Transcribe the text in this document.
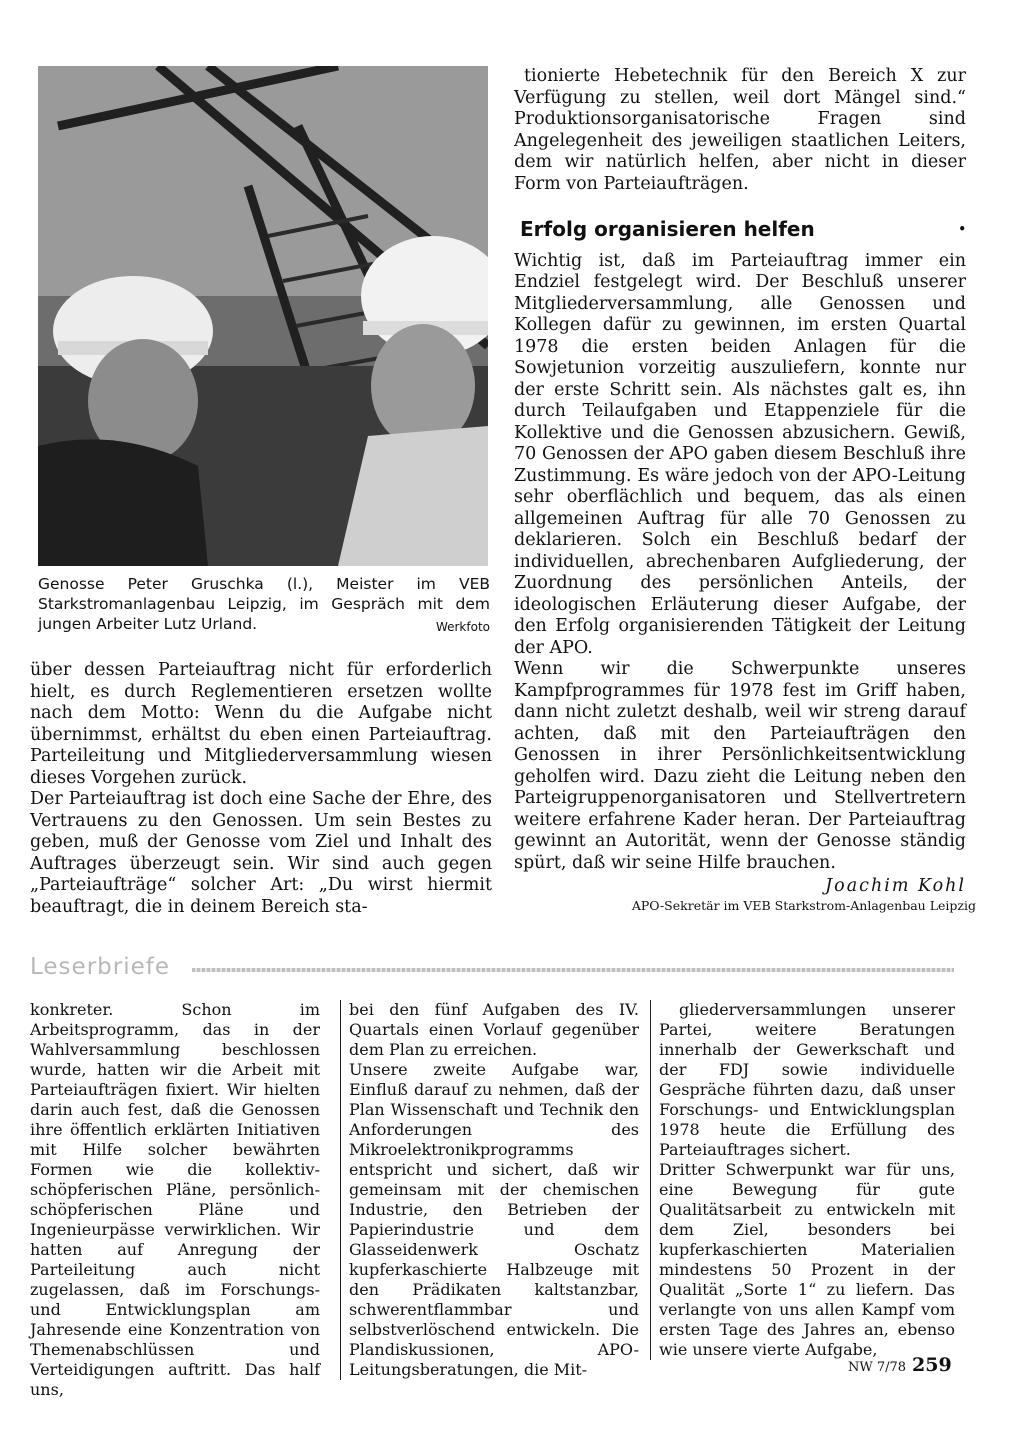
Genosse Peter Gruschka (l.), Meister im VEB Starkstromanlagenbau Leipzig, im Gespräch mit dem jungen Arbeiter Lutz Urland.	Werkfoto

über dessen Parteiauftrag nicht für erforderlich hielt, es durch Reglementieren ersetzen wollte nach dem Motto: Wenn du die Aufgabe nicht übernimmst, erhältst du eben einen Parteiauftrag. Parteileitung und Mitgliederversammlung wiesen dieses Vorgehen zurück.

Der Parteiauftrag ist doch eine Sache der Ehre, des Vertrauens zu den Genossen. Um sein Bestes zu geben, muß der Genosse vom Ziel und Inhalt des Auftrages überzeugt sein. Wir sind auch gegen „Parteiaufträge“ solcher Art: „Du wirst hiermit beauftragt, die in deinem Bereich sta-

tionierte Hebetechnik für den Bereich X zur Verfügung zu stellen, weil dort Mängel sind.“ Produktionsorganisatorische Fragen sind Angelegenheit des jeweiligen staatlichen Leiters, dem wir natürlich helfen, aber nicht in dieser Form von Parteiaufträgen.

Erfolg organisieren helfen	•

Wichtig ist, daß im Parteiauftrag immer ein Endziel festgelegt wird. Der Beschluß unserer Mitgliederversammlung, alle Genossen und Kollegen dafür zu gewinnen, im ersten Quartal 1978 die ersten beiden Anlagen für die Sowjetunion vorzeitig auszuliefern, konnte nur der erste Schritt sein. Als nächstes galt es, ihn durch Teilaufgaben und Etappenziele für die Kollektive und die Genossen abzusichern. Gewiß, 70 Genossen der APO gaben diesem Beschluß ihre Zustimmung. Es wäre jedoch von der APO-Leitung sehr oberflächlich und bequem, das als einen allgemeinen Auftrag für alle 70 Genossen zu deklarieren. Solch ein Beschluß bedarf der individuellen, abrechenbaren Aufgliederung, der Zuordnung des persönlichen Anteils, der ideologischen Erläuterung dieser Aufgabe, der den Erfolg organisierenden Tätigkeit der Leitung der APO.

Wenn wir die Schwerpunkte unseres Kampfprogrammes für 1978 fest im Griff haben, dann nicht zuletzt deshalb, weil wir streng darauf achten, daß mit den Parteiaufträgen den Genossen in ihrer Persönlichkeitsentwicklung geholfen wird. Dazu zieht die Leitung neben den Parteigruppenorganisatoren und Stellvertretern weitere erfahrene Kader heran. Der Parteiauftrag gewinnt an Autorität, wenn der Genosse ständig spürt, daß wir seine Hilfe brauchen.

Joachim Kohl
APO-Sekretär im VEB Starkstrom-Anlagenbau Leipzig
Leserbriefe

konkreter. Schon im Arbeitsprogramm, das in der Wahlversammlung beschlossen wurde, hatten wir die Arbeit mit Parteiaufträgen fixiert. Wir hielten darin auch fest, daß die Genossen ihre öffentlich erklärten Initiativen mit Hilfe solcher bewährten Formen wie die kollektiv-schöpferischen Pläne, persönlich-schöpferischen Pläne und Ingenieurpässe verwirklichen. Wir hatten auf Anregung der Parteileitung auch nicht zugelassen, daß im Forschungs- und Entwicklungsplan am Jahresende eine Konzentration von Themenabschlüssen und Verteidigungen auftritt. Das half uns,

bei den fünf Aufgaben des IV. Quartals einen Vorlauf gegenüber dem Plan zu erreichen.

Unsere zweite Aufgabe war, Einfluß darauf zu nehmen, daß der Plan Wissenschaft und Technik den Anforderungen des Mikroelektronikprogramms entspricht und sichert, daß wir gemeinsam mit der chemischen Industrie, den Betrieben der Papierindustrie und dem Glasseidenwerk Oschatz kupferkaschierte Halbzeuge mit den Prädikaten kaltstanzbar, schwerentflammbar und selbstverlöschend entwickeln. Die Plandiskussionen, APO-Leitungsberatungen, die Mit-

gliederversammlungen unserer Partei, weitere Beratungen innerhalb der Gewerkschaft und der FDJ sowie individuelle Gespräche führten dazu, daß unser Forschungs- und Entwicklungsplan 1978 heute die Erfüllung des Parteiauftrages sichert.

Dritter Schwerpunkt war für uns, eine Bewegung für gute Qualitätsarbeit zu entwickeln mit dem Ziel, besonders bei kupferkaschierten Materialien mindestens 50 Prozent in der Qualität „Sorte 1“ zu liefern. Das verlangte von uns allen Kampf vom ersten Tage des Jahres an, ebenso wie unsere vierte Aufgabe,

NW 7/78 259
